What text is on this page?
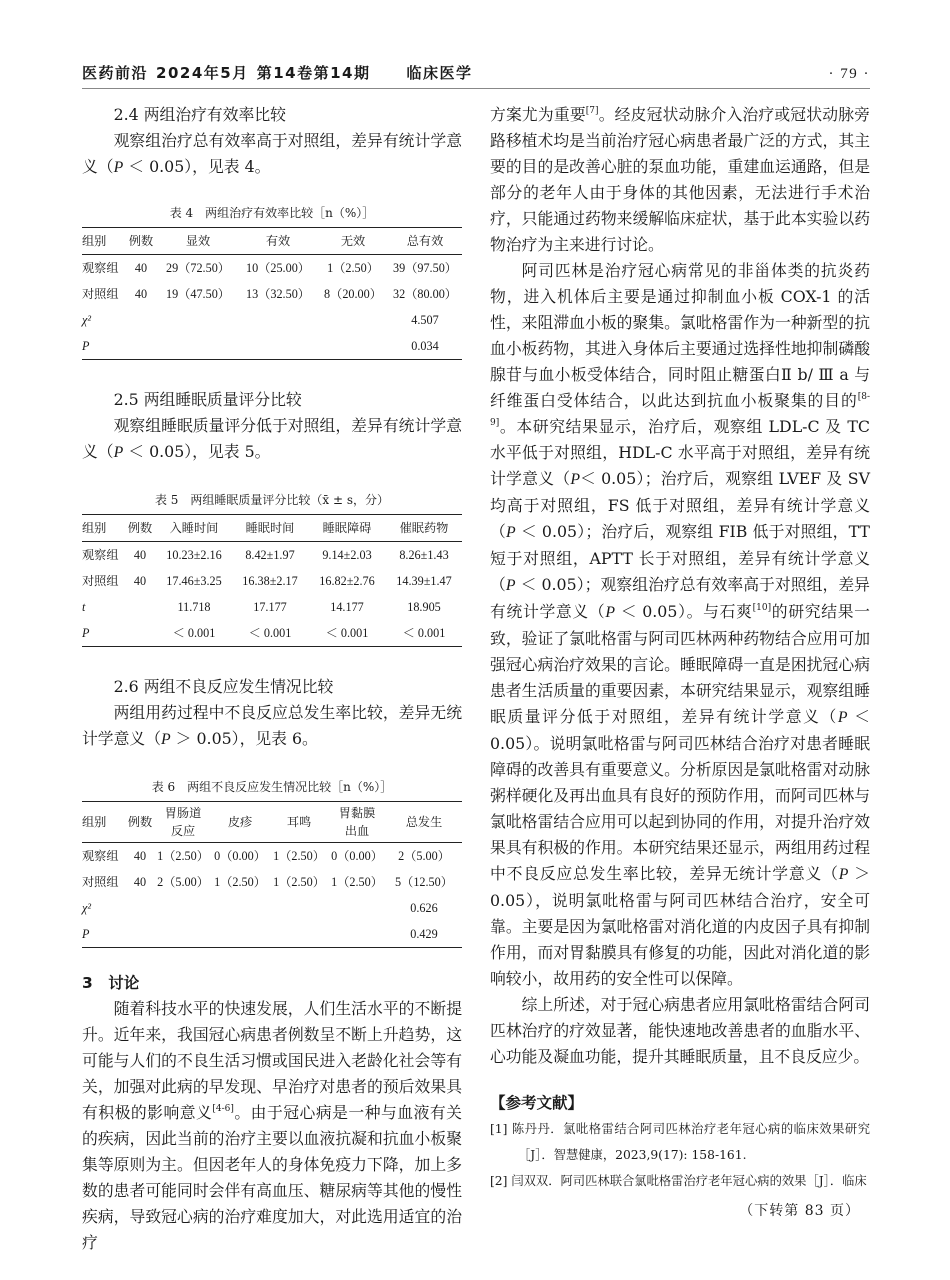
医药前沿 2024年5月 第14卷第14期 临床医学	· 79 ·
2.4 两组治疗有效率比较

观察组治疗总有效率高于对照组，差异有统计学意义（P ＜ 0.05），见表 4。

表 4　两组治疗有效率比较［n（%）］

组别	例数	显效	有效	无效	总有效
观察组	40	29（72.50）	10（25.00）	1（2.50）	39（97.50）
对照组	40	19（47.50）	13（32.50）	8（20.00）	32（80.00）
χ²					4.507
P					0.034
2.5 两组睡眠质量评分比较

观察组睡眠质量评分低于对照组，差异有统计学意义（P ＜ 0.05），见表 5。

表 5　两组睡眠质量评分比较（x̄ ± s，分）

组别	例数	入睡时间	睡眠时间	睡眠障碍	催眠药物
观察组	40	10.23±2.16	8.42±1.97	9.14±2.03	8.26±1.43
对照组	40	17.46±3.25	16.38±2.17	16.82±2.76	14.39±1.47
t		11.718	17.177	14.177	18.905
P		＜ 0.001	＜ 0.001	＜ 0.001	＜ 0.001
2.6 两组不良反应发生情况比较

两组用药过程中不良反应总发生率比较，差异无统计学意义（P ＞ 0.05），见表 6。

表 6　两组不良反应发生情况比较［n（%）］

组别	例数	胃肠道反应	皮疹	耳鸣	胃黏膜出血	总发生
观察组	40	1（2.50）	0（0.00）	1（2.50）	0（0.00）	2（5.00）
对照组	40	2（5.00）	1（2.50）	1（2.50）	1（2.50）	5（12.50）
χ²						0.626
P						0.429
3　讨论

随着科技水平的快速发展，人们生活水平的不断提升。近年来，我国冠心病患者例数呈不断上升趋势，这可能与人们的不良生活习惯或国民进入老龄化社会等有关，加强对此病的早发现、早治疗对患者的预后效果具有积极的影响意义[4-6]。由于冠心病是一种与血液有关的疾病，因此当前的治疗主要以血液抗凝和抗血小板聚集等原则为主。但因老年人的身体免疫力下降，加上多数的患者可能同时会伴有高血压、糖尿病等其他的慢性疾病，导致冠心病的治疗难度加大，对此选用适宜的治疗

方案尤为重要[7]。经皮冠状动脉介入治疗或冠状动脉旁路移植术均是当前治疗冠心病患者最广泛的方式，其主要的目的是改善心脏的泵血功能，重建血运通路，但是部分的老年人由于身体的其他因素，无法进行手术治疗，只能通过药物来缓解临床症状，基于此本实验以药物治疗为主来进行讨论。

阿司匹林是治疗冠心病常见的非甾体类的抗炎药物，进入机体后主要是通过抑制血小板 COX-1 的活性，来阻滞血小板的聚集。氯吡格雷作为一种新型的抗血小板药物，其进入身体后主要通过选择性地抑制磷酸腺苷与血小板受体结合，同时阻止糖蛋白Ⅱ b/ Ⅲ a 与纤维蛋白受体结合，以此达到抗血小板聚集的目的[8-9]。本研究结果显示，治疗后，观察组 LDL-C 及 TC 水平低于对照组，HDL-C 水平高于对照组，差异有统计学意义（P＜ 0.05）；治疗后，观察组 LVEF 及 SV 均高于对照组，FS 低于对照组，差异有统计学意义（P ＜ 0.05）；治疗后，观察组 FIB 低于对照组，TT 短于对照组，APTT 长于对照组，差异有统计学意义（P ＜ 0.05）；观察组治疗总有效率高于对照组，差异有统计学意义（P ＜ 0.05）。与石爽[10]的研究结果一致，验证了氯吡格雷与阿司匹林两种药物结合应用可加强冠心病治疗效果的言论。睡眠障碍一直是困扰冠心病患者生活质量的重要因素，本研究结果显示，观察组睡眠质量评分低于对照组，差异有统计学意义（P ＜ 0.05）。说明氯吡格雷与阿司匹林结合治疗对患者睡眠障碍的改善具有重要意义。分析原因是氯吡格雷对动脉粥样硬化及再出血具有良好的预防作用，而阿司匹林与氯吡格雷结合应用可以起到协同的作用，对提升治疗效果具有积极的作用。本研究结果还显示，两组用药过程中不良反应总发生率比较，差异无统计学意义（P ＞ 0.05），说明氯吡格雷与阿司匹林结合治疗，安全可靠。主要是因为氯吡格雷对消化道的内皮因子具有抑制作用，而对胃黏膜具有修复的功能，因此对消化道的影响较小，故用药的安全性可以保障。

综上所述，对于冠心病患者应用氯吡格雷结合阿司匹林治疗的疗效显著，能快速地改善患者的血脂水平、心功能及凝血功能，提升其睡眠质量，且不良反应少。

【参考文献】
[1] 陈丹丹．氯吡格雷结合阿司匹林治疗老年冠心病的临床效果研究［J］．智慧健康，2023,9(17): 158-161.
[2] 闫双双．阿司匹林联合氯吡格雷治疗老年冠心病的效果［J］．临床
（下转第 83 页）
